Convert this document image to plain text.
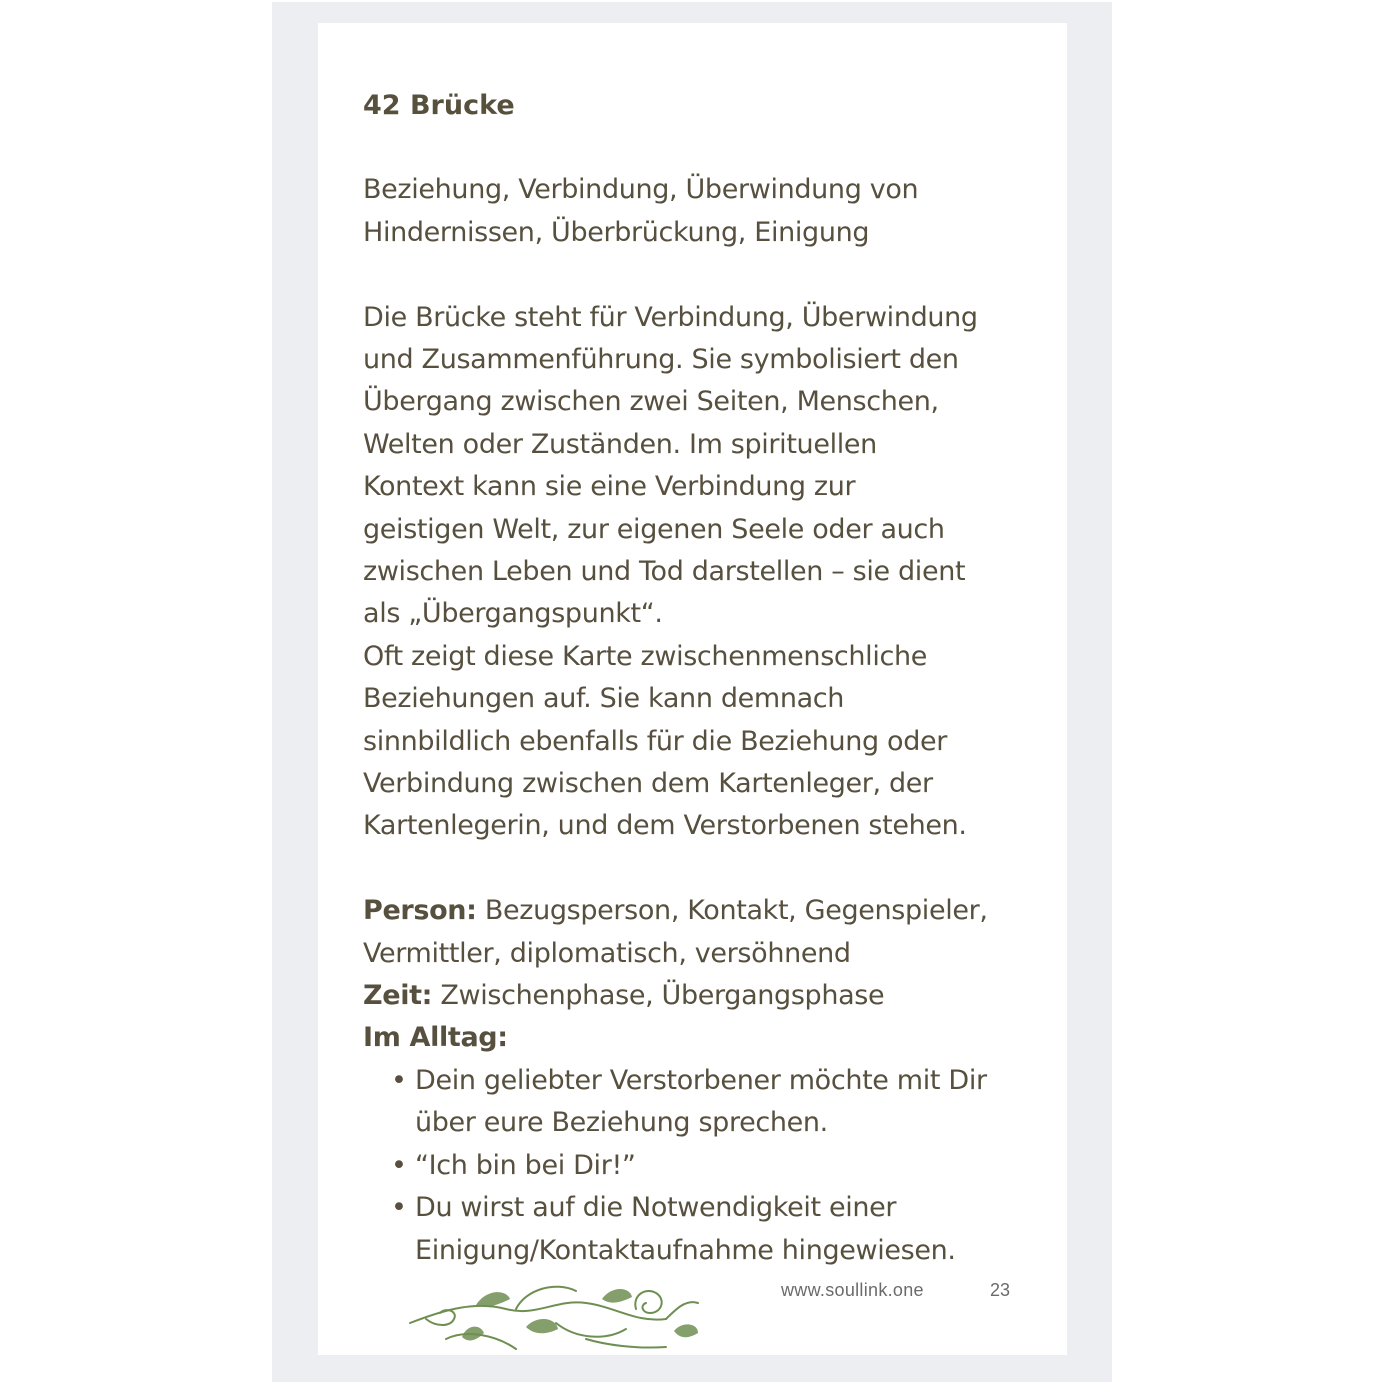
42 Brücke

Beziehung, Verbindung, Überwindung von Hindernissen, Überbrückung, Einigung

Die Brücke steht für Verbindung, Überwindung

und Zusammenführung. Sie symbolisiert den

Übergang zwischen zwei Seiten, Menschen,

Welten oder Zuständen. Im spirituellen

Kontext kann sie eine Verbindung zur

geistigen Welt, zur eigenen Seele oder auch

zwischen Leben und Tod darstellen – sie dient

als „Übergangspunkt“.

Oft zeigt diese Karte zwischenmenschliche

Beziehungen auf. Sie kann demnach

sinnbildlich ebenfalls für die Beziehung oder

Verbindung zwischen dem Kartenleger, der

Kartenlegerin, und dem Verstorbenen stehen.

Person: Bezugsperson, Kontakt, Gegenspieler, Vermittler, diplomatisch, versöhnend

Zeit: Zwischenphase, Übergangsphase

Im Alltag:

• Dein geliebter Verstorbener möchte mit Dir über eure Beziehung sprechen.
• “Ich bin bei Dir!”
• Du wirst auf die Notwendigkeit einer Einigung/Kontaktaufnahme hingewiesen.
www.soullink.one	23
